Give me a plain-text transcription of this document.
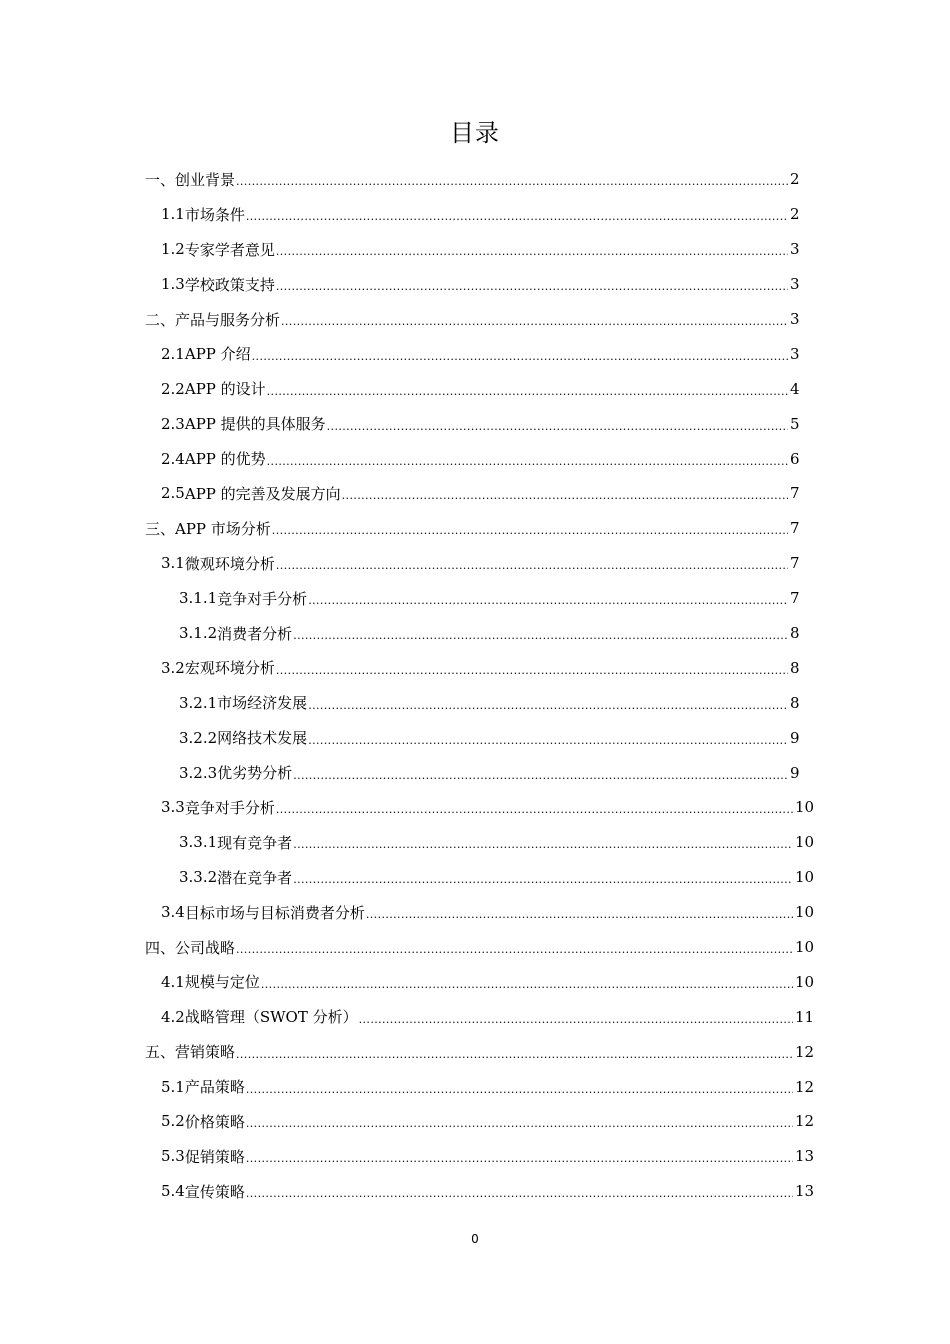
目录
一、创业背景 .....	2
1.1 市场条件 .....	2
1.2 专家学者意见 .....	3
1.3 学校政策支持 .....	3
二、产品与服务分析 .....	3
2.1 APP 介绍 .....	3
2.2 APP 的设计 .....	4
2.3 APP 提供的具体服务 .....	5
2.4 APP 的优势 .....	6
2.5 APP 的完善及发展方向 .....	7
三、APP 市场分析 .....	7
3.1 微观环境分析 .....	7
3.1.1 竞争对手分析 .....	7
3.1.2 消费者分析 .....	8
3.2 宏观环境分析 .....	8
3.2.1 市场经济发展 .....	8
3.2.2 网络技术发展 .....	9
3.2.3 优劣势分析 .....	9
3.3 竞争对手分析 .....	10
3.3.1 现有竞争者 .....	10
3.3.2 潜在竞争者 .....	10
3.4 目标市场与目标消费者分析 .....	10
四、公司战略 .....	10
4.1 规模与定位 .....	10
4.2 战略管理（SWOT 分析） .....	11
五、营销策略 .....	12
5.1 产品策略 .....	12
5.2 价格策略 .....	12
5.3 促销策略 .....	13
5.4 宣传策略 .....	13
0
